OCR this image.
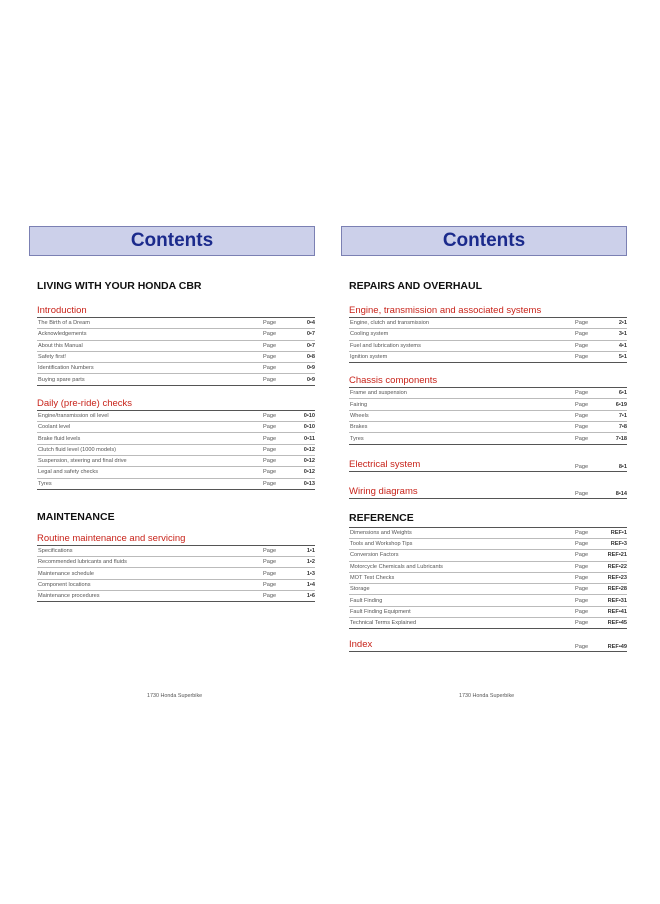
Contents
LIVING WITH YOUR HONDA CBR
Introduction
The Birth of a Dream	Page	0•4
Acknowledgements	Page	0•7
About this Manual	Page	0•7
Safety first!	Page	0•8
Identification Numbers	Page	0•9
Buying spare parts	Page	0•9
Daily (pre-ride) checks
Engine/transmission oil level	Page	0•10
Coolant level	Page	0•10
Brake fluid levels	Page	0•11
Clutch fluid level (1000 models)	Page	0•12
Suspension, steering and final drive	Page	0•12
Legal and safety checks	Page	0•12
Tyres	Page	0•13
MAINTENANCE
Routine maintenance and servicing
Specifications	Page	1•1
Recommended lubricants and fluids	Page	1•2
Maintenance schedule	Page	1•3
Component locations	Page	1•4
Maintenance procedures	Page	1•6
Contents
REPAIRS AND OVERHAUL
Engine, transmission and associated systems
Engine, clutch and transmission	Page	2•1
Cooling system	Page	3•1
Fuel and lubrication systems	Page	4•1
Ignition system	Page	5•1
Chassis components
Frame and suspension	Page	6•1
Fairing	Page	6•19
Wheels	Page	7•1
Brakes	Page	7•8
Tyres	Page	7•18
Electrical system	Page	8•1
Wiring diagrams	Page	8•14
REFERENCE
Dimensions and Weights	Page	REF•1
Tools and Workshop Tips	Page	REF•3
Conversion Factors	Page	REF•21
Motorcycle Chemicals and Lubricants	Page	REF•22
MOT Test Checks	Page	REF•23
Storage	Page	REF•28
Fault Finding	Page	REF•31
Fault Finding Equipment	Page	REF•41
Technical Terms Explained	Page	REF•45
Index	Page	REF•49
1730 Honda Superbike	1730 Honda Superbike
